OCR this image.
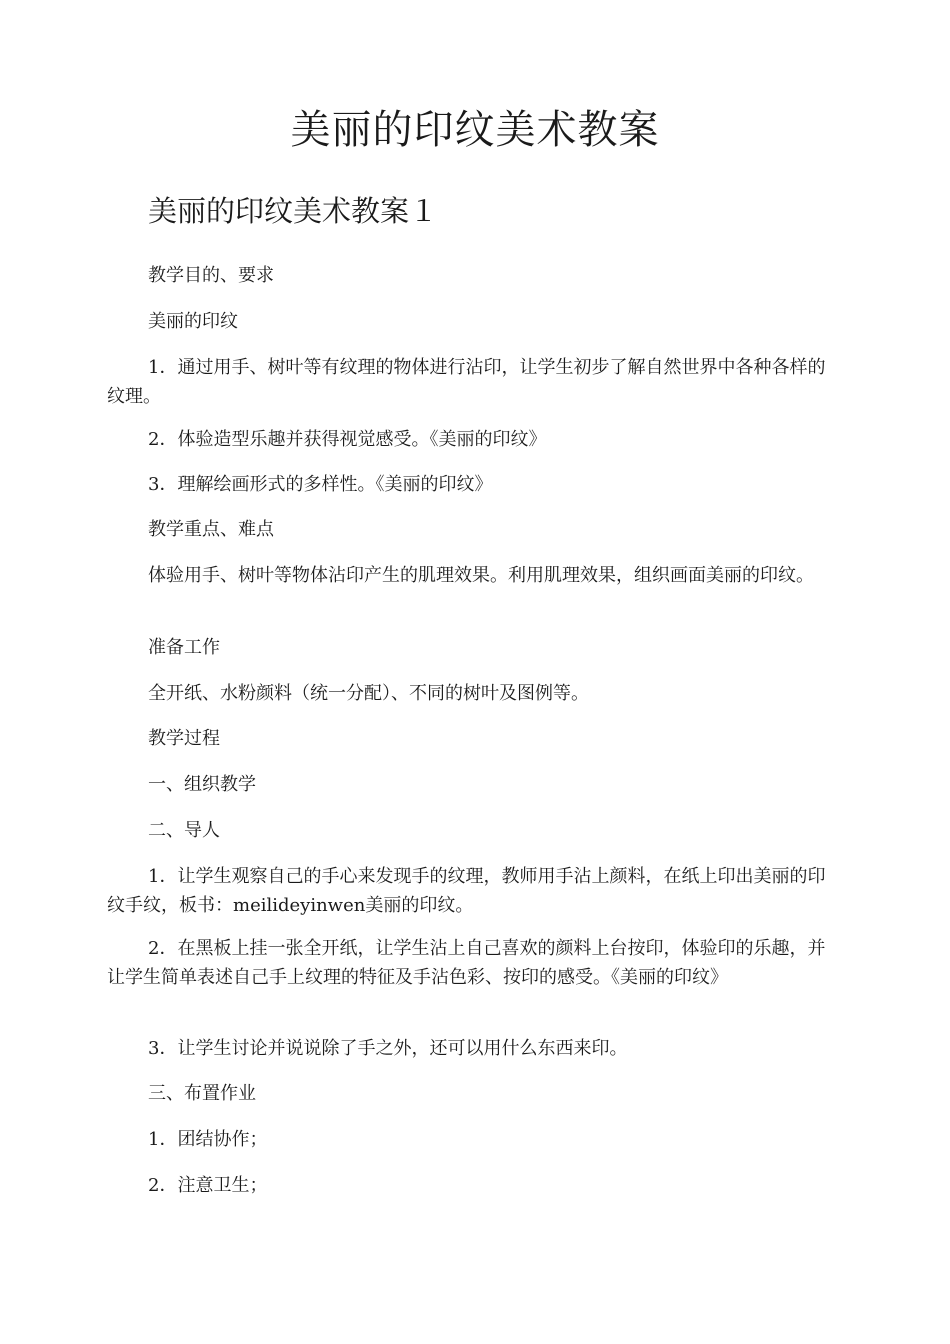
美丽的印纹美术教案
美丽的印纹美术教案１

教学目的、要求

美丽的印纹

1．通过用手、树叶等有纹理的物体进行沾印，让学生初步了解自然世界中各种各样的纹理。

2．体验造型乐趣并获得视觉感受。《美丽的印纹》

3．理解绘画形式的多样性。《美丽的印纹》

教学重点、难点

体验用手、树叶等物体沾印产生的肌理效果。利用肌理效果，组织画面美丽的印纹。

准备工作

全开纸、水粉颜料（统一分配）、不同的树叶及图例等。

教学过程

一、组织教学

二、导人

1．让学生观察自己的手心来发现手的纹理，教师用手沾上颜料，在纸上印出美丽的印纹手纹，板书：meilideyinwen美丽的印纹。

2．在黑板上挂一张全开纸，让学生沾上自己喜欢的颜料上台按印，体验印的乐趣，并让学生简单表述自己手上纹理的特征及手沾色彩、按印的感受。《美丽的印纹》

3．让学生讨论并说说除了手之外，还可以用什么东西来印。

三、布置作业

1．团结协作；

2．注意卫生；
